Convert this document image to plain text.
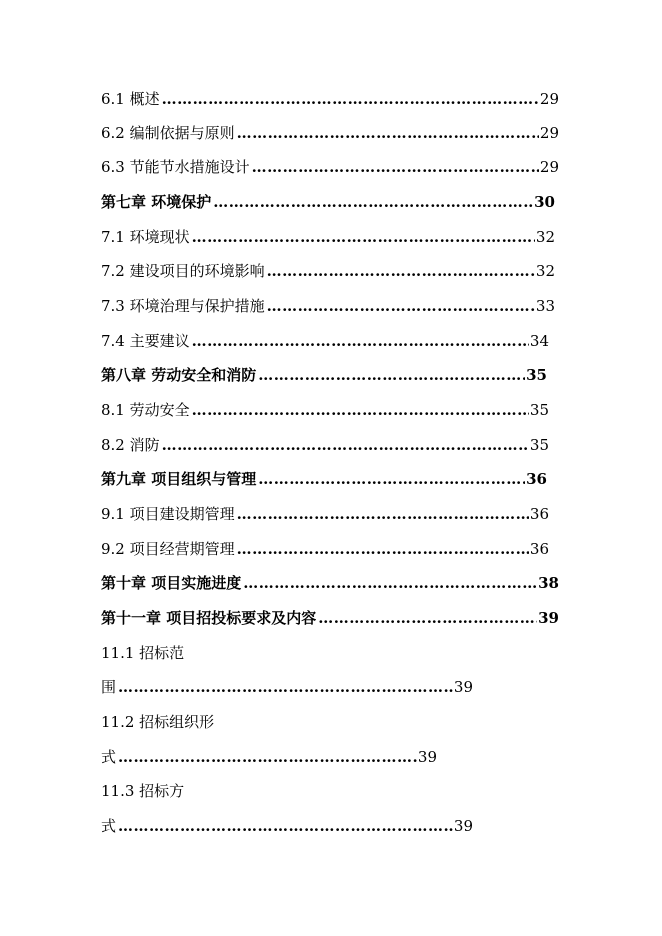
6.1 概述 ………………………………………………………………………………………………………………………………	29
6.2 编制依据与原则 ………………………………………………………………………………………………………………………………	29
6.3 节能节水措施设计 ………………………………………………………………………………………………………………………………	29
第七章 环境保护 ………………………………………………………………………………………………………………………………	30
7.1 环境现状 ………………………………………………………………………………………………………………………………	32
7.2 建设项目的环境影响 ………………………………………………………………………………………………………………………………	32
7.3 环境治理与保护措施 ………………………………………………………………………………………………………………………………	33
7.4 主要建议 ………………………………………………………………………………………………………………………………	34
第八章 劳动安全和消防 ………………………………………………………………………………………………………………………………	35
8.1 劳动安全 ………………………………………………………………………………………………………………………………	35
8.2 消防 ………………………………………………………………………………………………………………………………	35
第九章 项目组织与管理 ………………………………………………………………………………………………………………………………	36
9.1 项目建设期管理 ………………………………………………………………………………………………………………………………	36
9.2 项目经营期管理 ………………………………………………………………………………………………………………………………	36
第十章 项目实施进度 ………………………………………………………………………………………………………………………………	38
第十一章 项目招投标要求及内容 ………………………………………………………………………………………………………………………………	39
11.1 招标范
围 ………………………………………………………………………………………………………………………………	39
11.2 招标组织形
式 ………………………………………………………………………………………………………………………………	39
11.3 招标方
式 ………………………………………………………………………………………………………………………………	39
